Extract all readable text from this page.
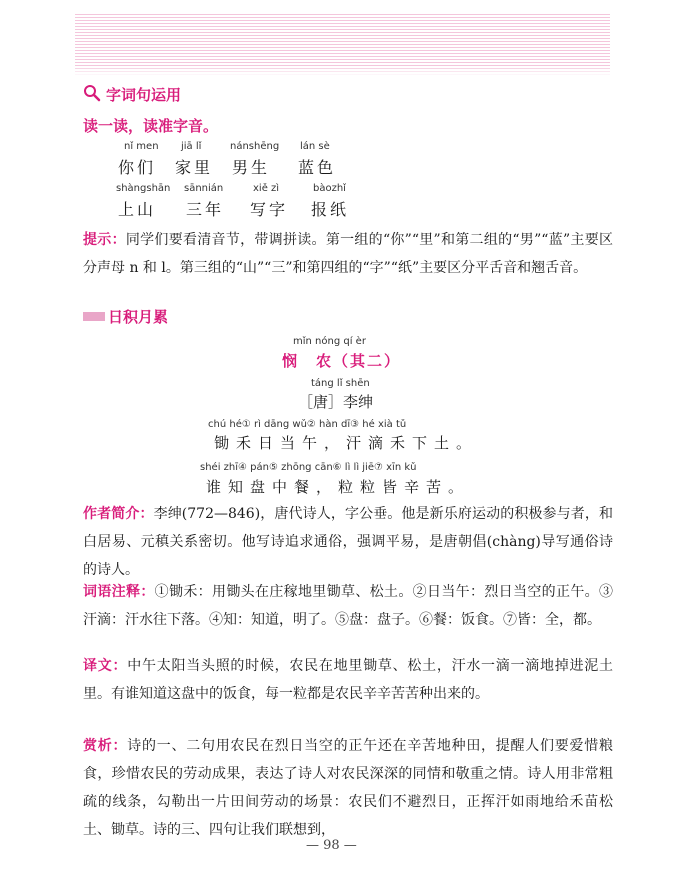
字词句运用
读一读，读准字音。
nǐ men
你们
jiā lǐ
家里
nánshēng
男生
lán sè
蓝色
shàngshān
上山
sānnián
三年
xiě zì
写字
bàozhǐ
报纸
提示：同学们要看清音节，带调拼读。第一组的“你”“里”和第二组的“男”“蓝”主要区分声母 n 和 l。第三组的“山”“三”和第四组的“字”“纸”主要区分平舌音和翘舌音。
日积月累
mǐn nóng qí èr
悯　农（其二）
táng lǐ shēn
［唐］李绅
chú hé① rì dāng wǔ② hàn dī③ hé xià tǔ
锄禾日当午，汗滴禾下土。
shéi zhī④ pán⑤ zhōng cān⑥ lì lì jiē⑦ xīn kǔ
谁知盘中餐，粒粒皆辛苦。
作者简介：李绅(772—846)，唐代诗人，字公垂。他是新乐府运动的积极参与者，和白居易、元稹关系密切。他写诗追求通俗，强调平易，是唐朝倡(chàng)导写通俗诗的诗人。
词语注释：①锄禾：用锄头在庄稼地里锄草、松土。②日当午：烈日当空的正午。③汗滴：汗水往下落。④知：知道，明了。⑤盘：盘子。⑥餐：饭食。⑦皆：全，都。
译文：中午太阳当头照的时候，农民在地里锄草、松土，汗水一滴一滴地掉进泥土里。有谁知道这盘中的饭食，每一粒都是农民辛辛苦苦种出来的。
赏析：诗的一、二句用农民在烈日当空的正午还在辛苦地种田，提醒人们要爱惜粮食，珍惜农民的劳动成果，表达了诗人对农民深深的同情和敬重之情。诗人用非常粗疏的线条，勾勒出一片田间劳动的场景：农民们不避烈日，正挥汗如雨地给禾苗松土、锄草。诗的三、四句让我们联想到，
— 98 —
